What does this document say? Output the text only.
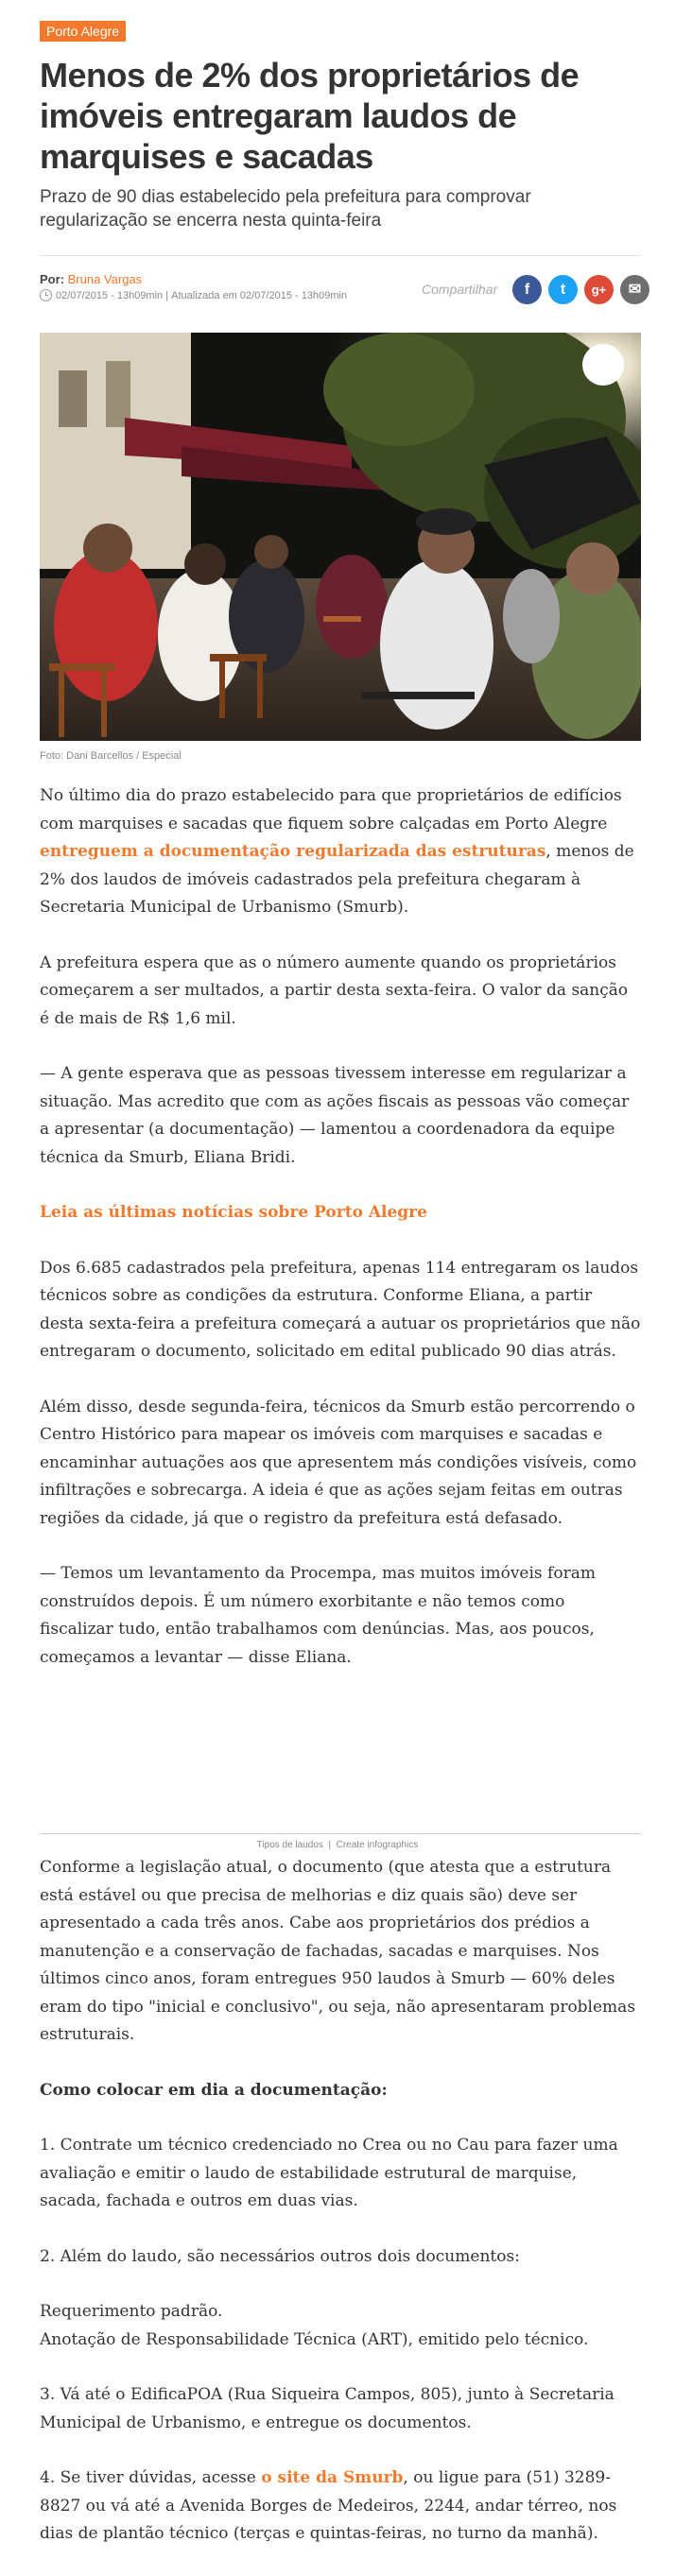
Porto Alegre
Menos de 2% dos proprietários de imóveis entregaram laudos de marquises e sacadas

Prazo de 90 dias estabelecido pela prefeitura para comprovar regularização se encerra nesta quinta-feira

Por: Bruna Vargas
02/07/2015 - 13h09min | Atualizada em 02/07/2015 - 13h09min	Compartilhar	f	t	g+	✉
Foto: Dani Barcellos / Especial

No último dia do prazo estabelecido para que proprietários de edifícios com marquises e sacadas que fiquem sobre calçadas em Porto Alegre entreguem a documentação regularizada das estruturas, menos de 2% dos laudos de imóveis cadastrados pela prefeitura chegaram à Secretaria Municipal de Urbanismo (Smurb).

A prefeitura espera que as o número aumente quando os proprietários começarem a ser multados, a partir desta sexta-feira. O valor da sanção é de mais de R$ 1,6 mil.

— A gente esperava que as pessoas tivessem interesse em regularizar a situação. Mas acredito que com as ações fiscais as pessoas vão começar a apresentar (a documentação) — lamentou a coordenadora da equipe técnica da Smurb, Eliana Bridi.

Leia as últimas notícias sobre Porto Alegre

Dos 6.685 cadastrados pela prefeitura, apenas 114 entregaram os laudos técnicos sobre as condições da estrutura. Conforme Eliana, a partir desta sexta-feira a prefeitura começará a autuar os proprietários que não entregaram o documento, solicitado em edital publicado 90 dias atrás.

Além disso, desde segunda-feira, técnicos da Smurb estão percorrendo o Centro Histórico para mapear os imóveis com marquises e sacadas e encaminhar autuações aos que apresentem más condições visíveis, como infiltrações e sobrecarga. A ideia é que as ações sejam feitas em outras regiões da cidade, já que o registro da prefeitura está defasado.

— Temos um levantamento da Procempa, mas muitos imóveis foram construídos depois. É um número exorbitante e não temos como fiscalizar tudo, então trabalhamos com denúncias. Mas, aos poucos, começamos a levantar — disse Eliana.

Tipos de laudos  |  Create infographics

Conforme a legislação atual, o documento (que atesta que a estrutura está estável ou que precisa de melhorias e diz quais são) deve ser apresentado a cada três anos. Cabe aos proprietários dos prédios a manutenção e a conservação de fachadas, sacadas e marquises. Nos últimos cinco anos, foram entregues 950 laudos à Smurb — 60% deles eram do tipo "inicial e conclusivo", ou seja, não apresentaram problemas estruturais.

Como colocar em dia a documentação:

1. Contrate um técnico credenciado no Crea ou no Cau para fazer uma avaliação e emitir o laudo de estabilidade estrutural de marquise, sacada, fachada e outros em duas vias.

2. Além do laudo, são necessários outros dois documentos:

Requerimento padrão.
Anotação de Responsabilidade Técnica (ART), emitido pelo técnico.

3. Vá até o EdificaPOA (Rua Siqueira Campos, 805), junto à Secretaria Municipal de Urbanismo, e entregue os documentos.

4. Se tiver dúvidas, acesse o site da Smurb, ou ligue para (51) 3289-8827 ou vá até a Avenida Borges de Medeiros, 2244, andar térreo, nos dias de plantão técnico (terças e quintas-feiras, no turno da manhã).
